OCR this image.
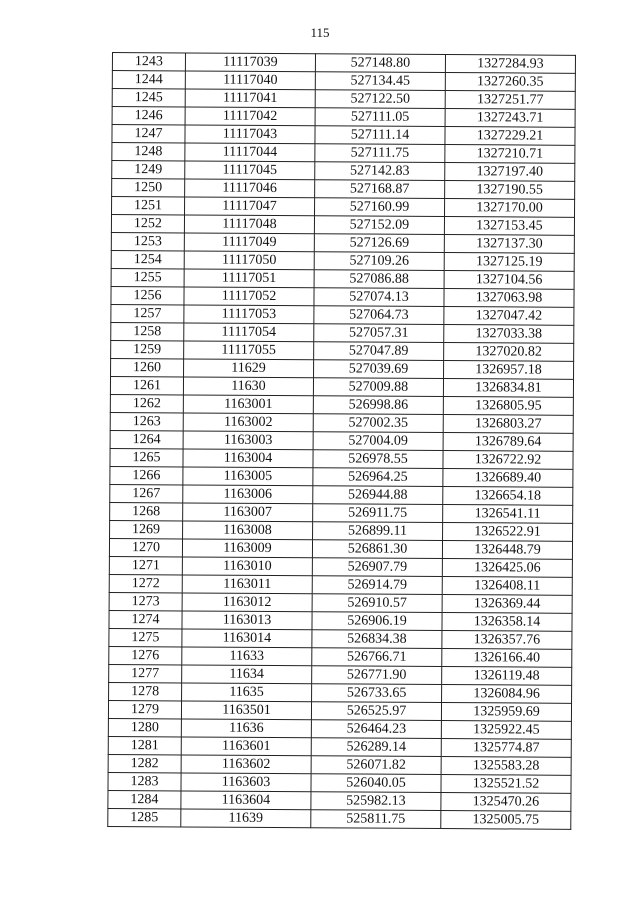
115
1243	11117039	527148.80	1327284.93
1244	11117040	527134.45	1327260.35
1245	11117041	527122.50	1327251.77
1246	11117042	527111.05	1327243.71
1247	11117043	527111.14	1327229.21
1248	11117044	527111.75	1327210.71
1249	11117045	527142.83	1327197.40
1250	11117046	527168.87	1327190.55
1251	11117047	527160.99	1327170.00
1252	11117048	527152.09	1327153.45
1253	11117049	527126.69	1327137.30
1254	11117050	527109.26	1327125.19
1255	11117051	527086.88	1327104.56
1256	11117052	527074.13	1327063.98
1257	11117053	527064.73	1327047.42
1258	11117054	527057.31	1327033.38
1259	11117055	527047.89	1327020.82
1260	11629	527039.69	1326957.18
1261	11630	527009.88	1326834.81
1262	1163001	526998.86	1326805.95
1263	1163002	527002.35	1326803.27
1264	1163003	527004.09	1326789.64
1265	1163004	526978.55	1326722.92
1266	1163005	526964.25	1326689.40
1267	1163006	526944.88	1326654.18
1268	1163007	526911.75	1326541.11
1269	1163008	526899.11	1326522.91
1270	1163009	526861.30	1326448.79
1271	1163010	526907.79	1326425.06
1272	1163011	526914.79	1326408.11
1273	1163012	526910.57	1326369.44
1274	1163013	526906.19	1326358.14
1275	1163014	526834.38	1326357.76
1276	11633	526766.71	1326166.40
1277	11634	526771.90	1326119.48
1278	11635	526733.65	1326084.96
1279	1163501	526525.97	1325959.69
1280	11636	526464.23	1325922.45
1281	1163601	526289.14	1325774.87
1282	1163602	526071.82	1325583.28
1283	1163603	526040.05	1325521.52
1284	1163604	525982.13	1325470.26
1285	11639	525811.75	1325005.75
